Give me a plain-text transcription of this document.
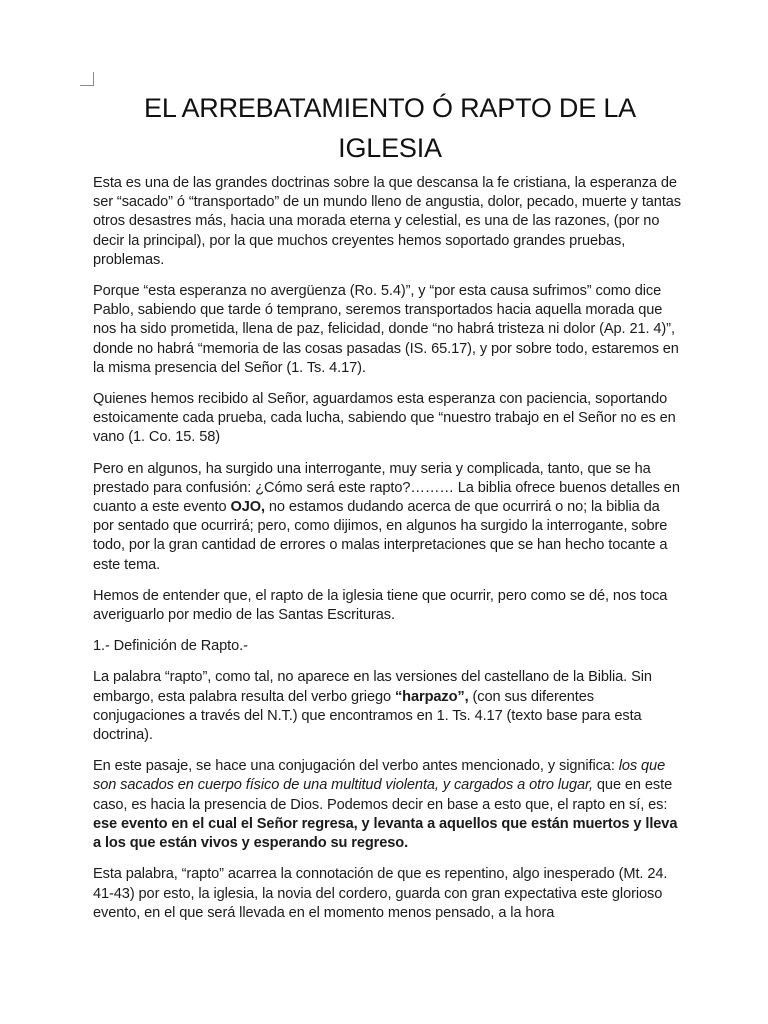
EL ARREBATAMIENTO Ó RAPTO DE LA IGLESIA

Esta es una de las grandes doctrinas sobre la que descansa la fe cristiana, la esperanza de ser “sacado” ó “transportado” de un mundo lleno de angustia, dolor, pecado, muerte y tantas otros desastres más, hacia una morada eterna y celestial, es una de las razones, (por no decir la principal), por la que muchos creyentes hemos soportado grandes pruebas, problemas.

Porque “esta esperanza no avergüenza (Ro. 5.4)”, y “por esta causa sufrimos” como dice Pablo, sabiendo que tarde ó temprano, seremos transportados hacia aquella morada que nos ha sido prometida, llena de paz, felicidad, donde “no habrá tristeza ni dolor (Ap. 21. 4)”, donde no habrá “memoria de las cosas pasadas (IS. 65.17), y por sobre todo, estaremos en la misma presencia del Señor (1. Ts. 4.17).

Quienes hemos recibido al Señor, aguardamos esta esperanza con paciencia, soportando estoicamente cada prueba, cada lucha, sabiendo que “nuestro trabajo en el Señor no es en vano (1. Co. 15. 58)

Pero en algunos, ha surgido una interrogante, muy seria y complicada, tanto, que se ha prestado para confusión: ¿Cómo será este rapto?……… La biblia ofrece buenos detalles en cuanto a este evento OJO, no estamos dudando acerca de que ocurrirá o no; la biblia da por sentado que ocurrirá; pero, como dijimos, en algunos ha surgido la interrogante, sobre todo, por la gran cantidad de errores o malas interpretaciones que se han hecho tocante a este tema.

Hemos de entender que, el rapto de la iglesia tiene que ocurrir, pero como se dé, nos toca averiguarlo por medio de las Santas Escrituras.

1.- Definición de Rapto.-

La palabra “rapto”, como tal, no aparece en las versiones del castellano de la Biblia. Sin embargo, esta palabra resulta del verbo griego “harpazo”, (con sus diferentes conjugaciones a través del N.T.) que encontramos en 1. Ts. 4.17 (texto base para esta doctrina).

En este pasaje, se hace una conjugación del verbo antes mencionado, y significa: los que son sacados en cuerpo físico de una multitud violenta, y cargados a otro lugar, que en este caso, es hacia la presencia de Dios. Podemos decir en base a esto que, el rapto en sí, es: ese evento en el cual el Señor regresa, y levanta a aquellos que están muertos y lleva a los que están vivos y esperando su regreso.

Esta palabra, “rapto” acarrea la connotación de que es repentino, algo inesperado (Mt. 24. 41-43) por esto, la iglesia, la novia del cordero, guarda con gran expectativa este glorioso evento, en el que será llevada en el momento menos pensado, a la hora
